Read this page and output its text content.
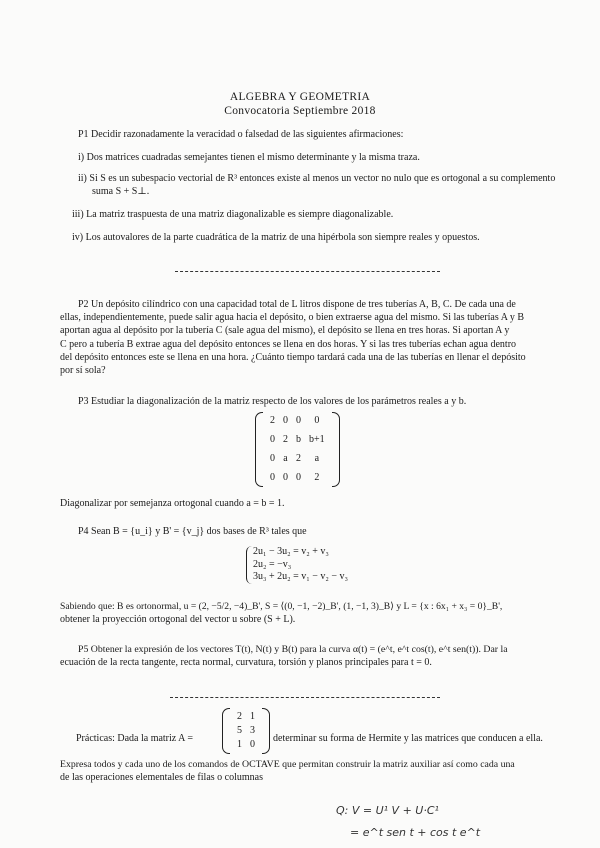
ALGEBRA Y GEOMETRIA
Convocatoria Septiembre 2018
P1 Decidir razonadamente la veracidad o falsedad de las siguientes afirmaciones:
i) Dos matrices cuadradas semejantes tienen el mismo determinante y la misma traza.
ii) Si S es un subespacio vectorial de R³ entonces existe al menos un vector no nulo que es ortogonal a su complemento
suma S + S⊥.
iii) La matriz traspuesta de una matriz diagonalizable es siempre diagonalizable.
iv) Los autovalores de la parte cuadrática de la matriz de una hipérbola son siempre reales y opuestos.
P2 Un depósito cilíndrico con una capacidad total de L litros dispone de tres tuberías A, B, C. De cada una de
ellas, independientemente, puede salir agua hacia el depósito, o bien extraerse agua del mismo. Si las tuberías A y B
aportan agua al depósito por la tubería C (sale agua del mismo), el depósito se llena en tres horas. Si aportan A y
C pero a tubería B extrae agua del depósito entonces se llena en dos horas. Y si las tres tuberías echan agua dentro
del depósito entonces este se llena en una hora. ¿Cuánto tiempo tardará cada una de las tuberías en llenar el depósito
por sí sola?
P3 Estudiar la diagonalización de la matriz respecto de los valores de los parámetros reales a y b.
2 0 0	0
0 2 b b+1
0 a 2	a
0 0 0	2
Diagonalizar por semejanza ortogonal cuando a = b = 1.
P4 Sean B = {u_i} y B' = {v_j} dos bases de R³ tales que
2u₁ − 3u₂ = v₂ + v₃
2u₂ = −v₃
3u₃ + 2u₂ = v₁ − v₂ − v₃
Sabiendo que: B es ortonormal, u = (2, −5/2, −4)_B', S = ⟨(0, −1, −2)_B', (1, −1, 3)_B⟩ y L = {x : 6x₁ + x₃ = 0}_B',
obtener la proyección ortogonal del vector u sobre (S + L).
P5 Obtener la expresión de los vectores T(t), N(t) y B(t) para la curva α(t) = (e^t, e^t cos(t), e^t sen(t)). Dar la
ecuación de la recta tangente, recta normal, curvatura, torsión y planos principales para t = 0.
Prácticas: Dada la matriz A =
2 1
5 3
1 0
determinar su forma de Hermite y las matrices que conducen a ella.
Expresa todos y cada uno de los comandos de OCTAVE que permitan construir la matriz auxiliar así como cada una
de las operaciones elementales de filas o columnas
Q: V = U¹ V + U·C¹
= e^t sen t + cos t e^t
